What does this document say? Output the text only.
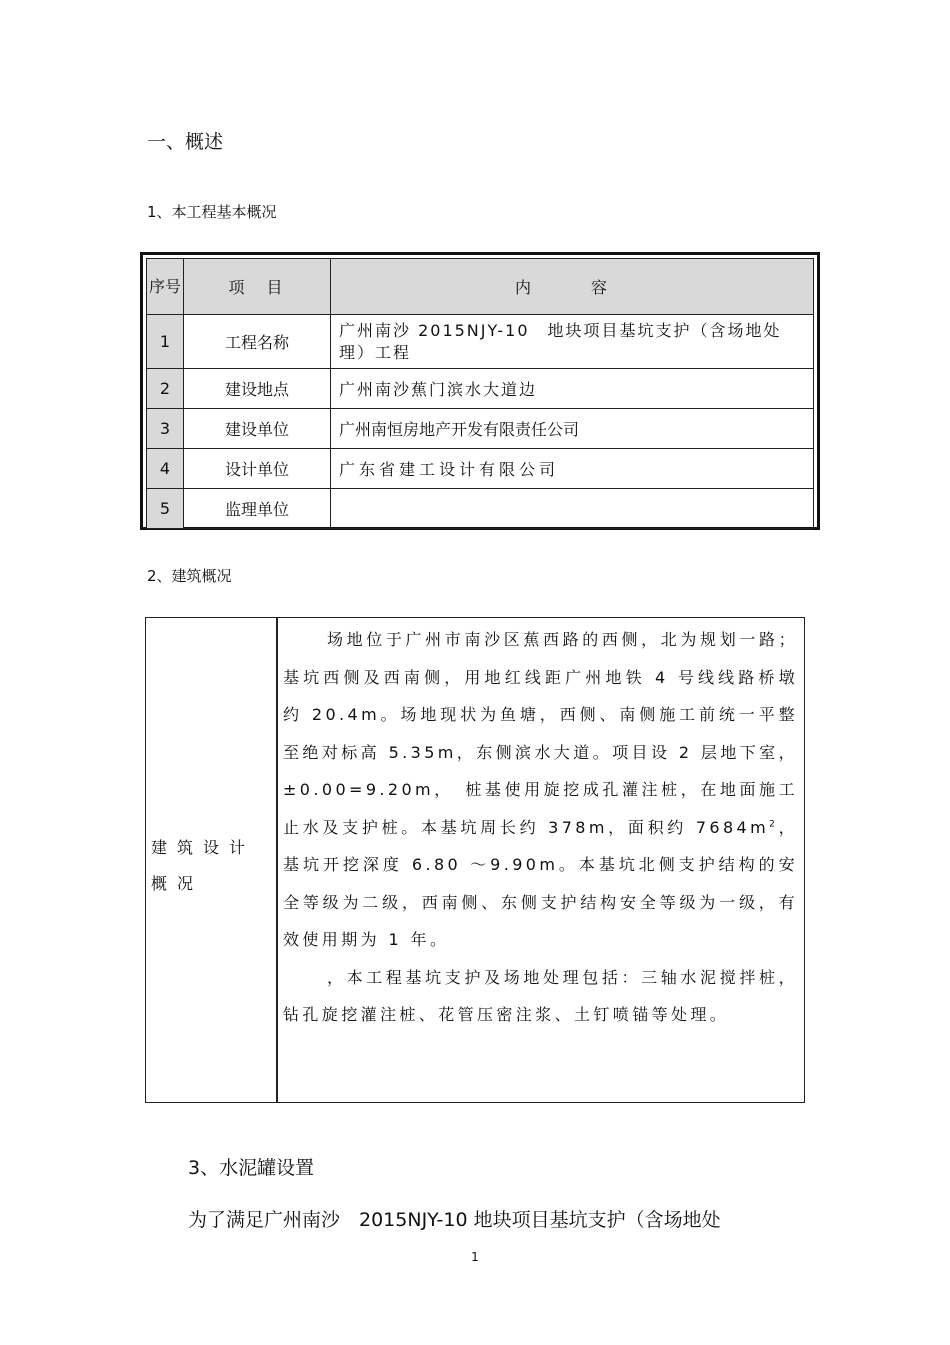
一、概述
1、本工程基本概况
序号	项　目	内　容
1	工程名称	广州南沙 2015NJY-10　地块项目基坑支护（含场地处理）工程
2	建设地点	广州南沙蕉门滨水大道边
3	建设单位	广州南恒房地产开发有限责任公司
4	设计单位	广东省建工设计有限公司
5	监理单位	
2、建筑概况
建筑设计概况

场地位于广州市南沙区蕉西路的西侧，北为规划一路；基坑西侧及西南侧，用地红线距广州地铁 4 号线线路桥墩约 20.4m。场地现状为鱼塘，西侧、南侧施工前统一平整至绝对标高 5.35m，东侧滨水大道。项目设 2 层地下室，±0.00=9.20m，　桩基使用旋挖成孔灌注桩，在地面施工止水及支护桩。本基坑周长约 378m，面积约 $7684m^2$，基坑开挖深度 6.80 ～9.90m。本基坑北侧支护结构的安全等级为二级，西南侧、东侧支护结构安全等级为一级，有效使用期为 1 年。

，本工程基坑支护及场地处理包括：三轴水泥搅拌桩，钻孔旋挖灌注桩、花管压密注浆、土钉喷锚等处理。

3、水泥罐设置
为了满足广州南沙　2015NJY-10 地块项目基坑支护（含场地处
1
